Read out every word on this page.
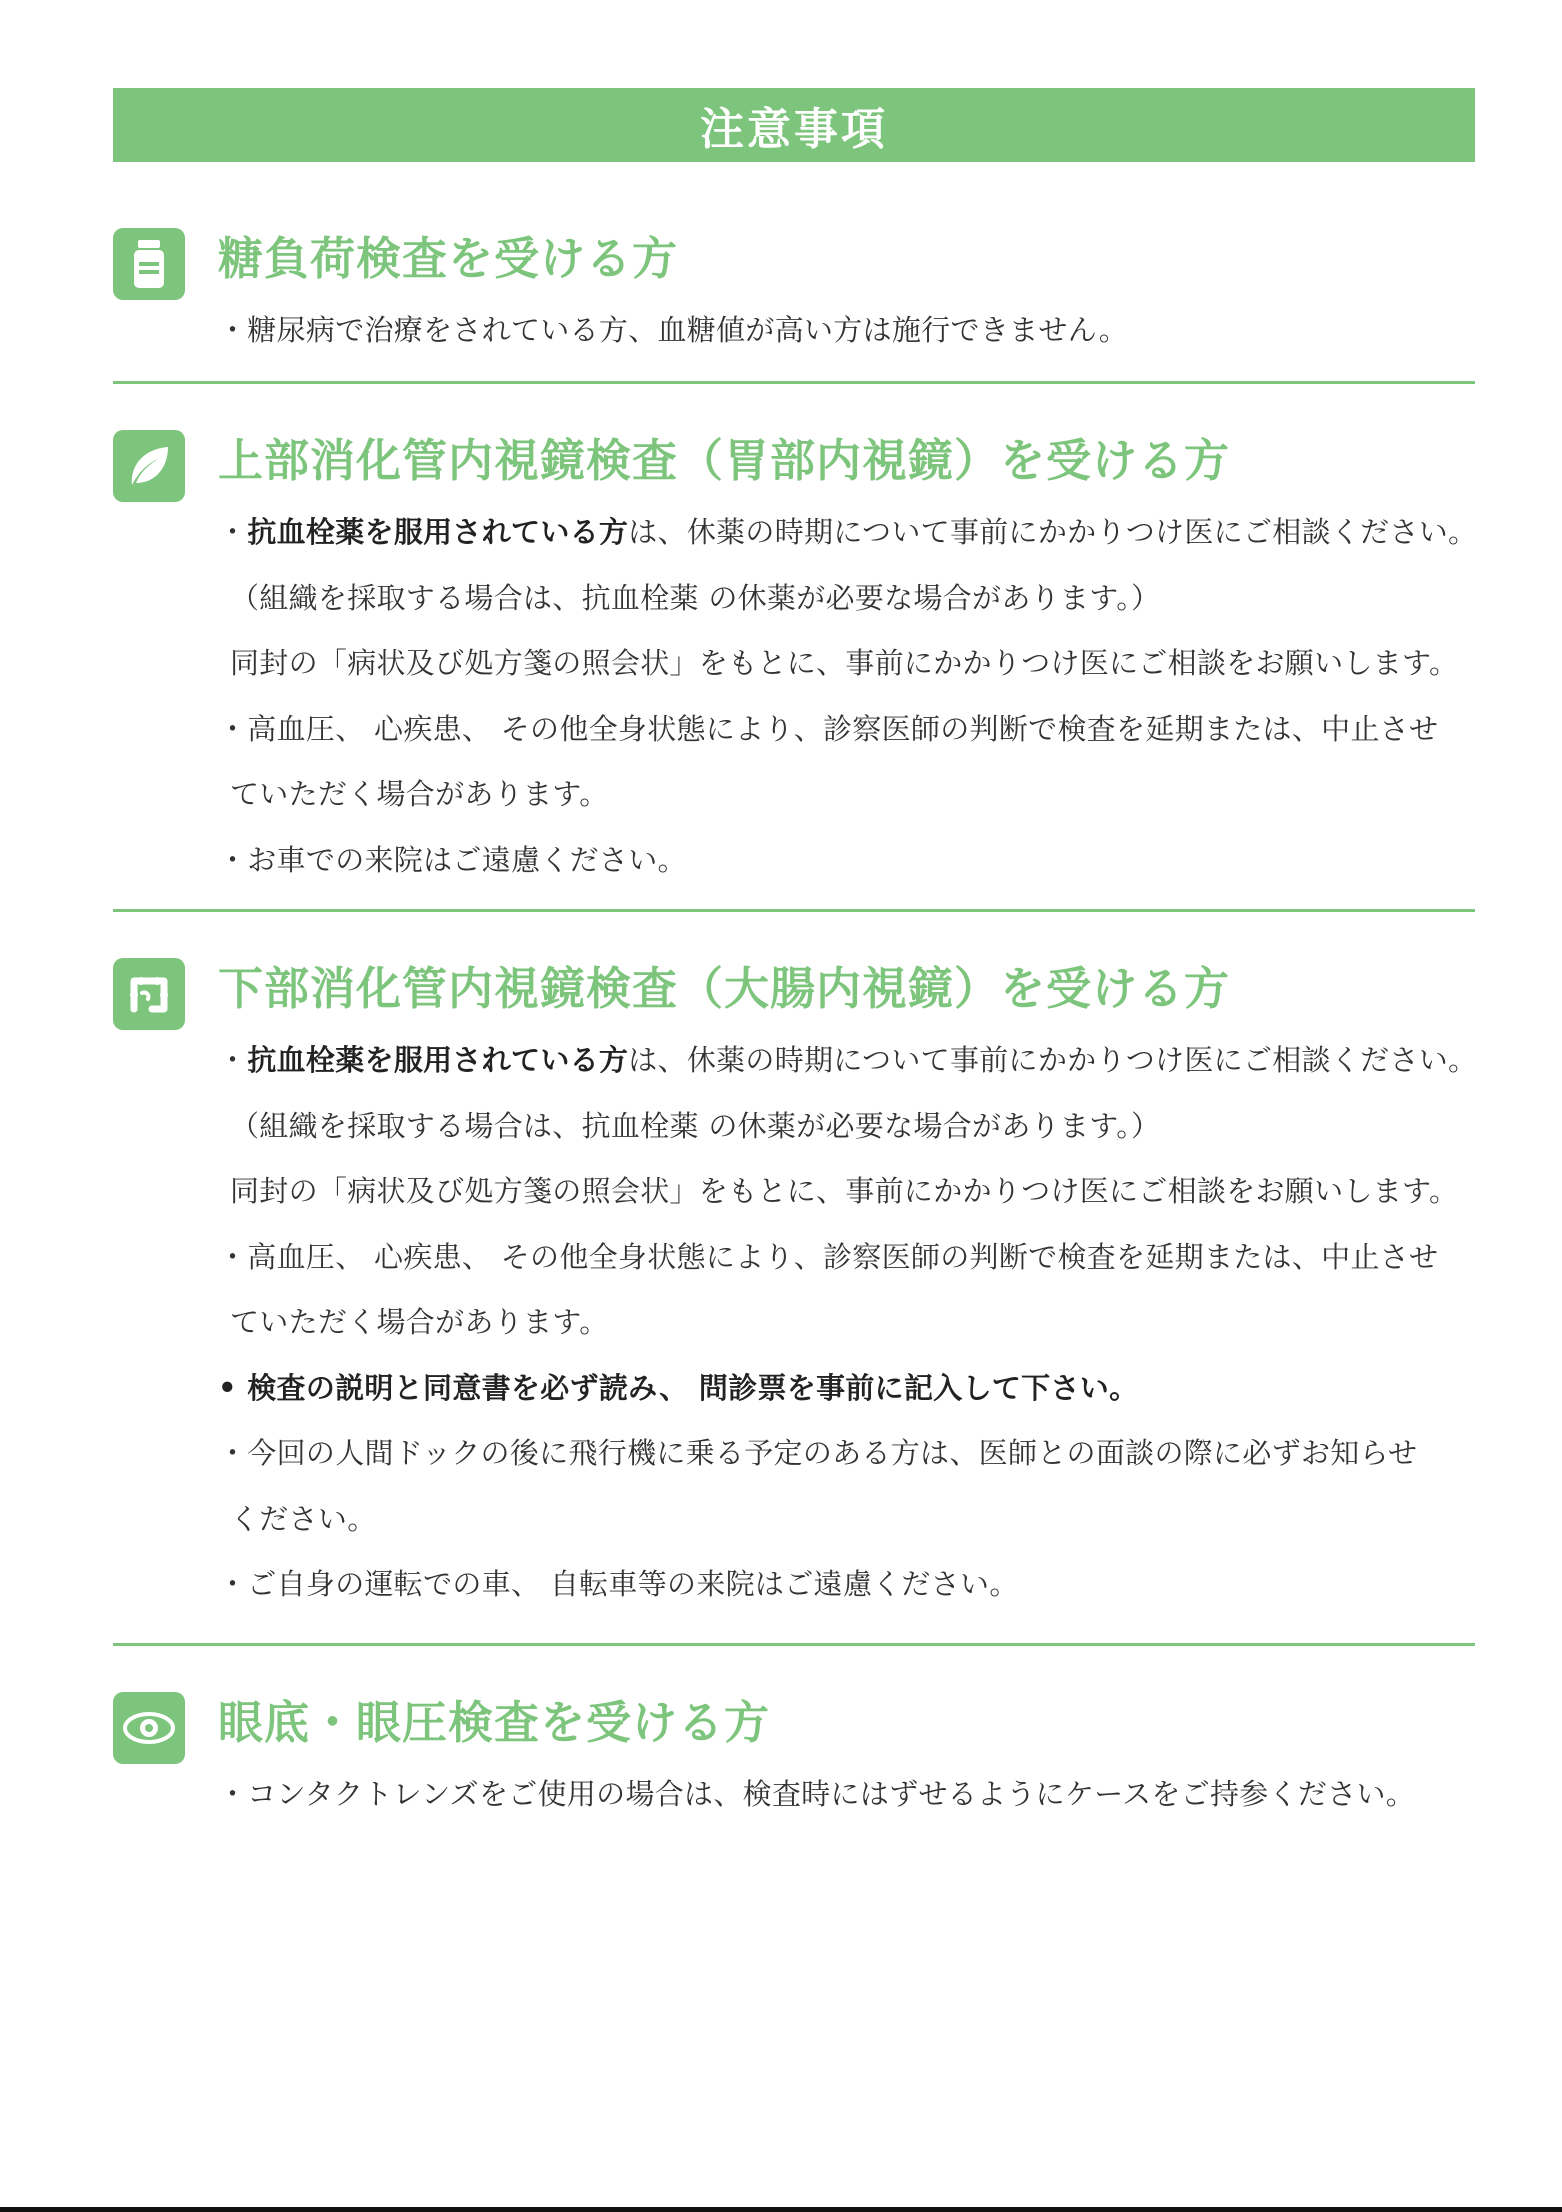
注意事項
糖負荷検査を受ける方
・糖尿病で治療をされている方、血糖値が高い方は施行できません。
上部消化管内視鏡検査（胃部内視鏡）を受ける方
・抗血栓薬を服用されている方は、休薬の時期について事前にかかりつけ医にご相談ください。
（組織を採取する場合は、抗血栓薬 の休薬が必要な場合があります。）
同封の「病状及び処方箋の照会状」をもとに、事前にかかりつけ医にご相談をお願いします。
・高血圧、 心疾患、 その他全身状態により、診察医師の判断で検査を延期または、中止させ
ていただく場合があります。
・お車での来院はご遠慮ください。
下部消化管内視鏡検査（大腸内視鏡）を受ける方
・抗血栓薬を服用されている方は、休薬の時期について事前にかかりつけ医にご相談ください。
（組織を採取する場合は、抗血栓薬 の休薬が必要な場合があります。）
同封の「病状及び処方箋の照会状」をもとに、事前にかかりつけ医にご相談をお願いします。
・高血圧、 心疾患、 その他全身状態により、診察医師の判断で検査を延期または、中止させ
ていただく場合があります。
• 検査の説明と同意書を必ず読み、 問診票を事前に記入して下さい。
・今回の人間ドックの後に飛行機に乗る予定のある方は、医師との面談の際に必ずお知らせ
ください。
・ご自身の運転での車、 自転車等の来院はご遠慮ください。
眼底・眼圧検査を受ける方
・コンタクトレンズをご使用の場合は、検査時にはずせるようにケースをご持参ください。
